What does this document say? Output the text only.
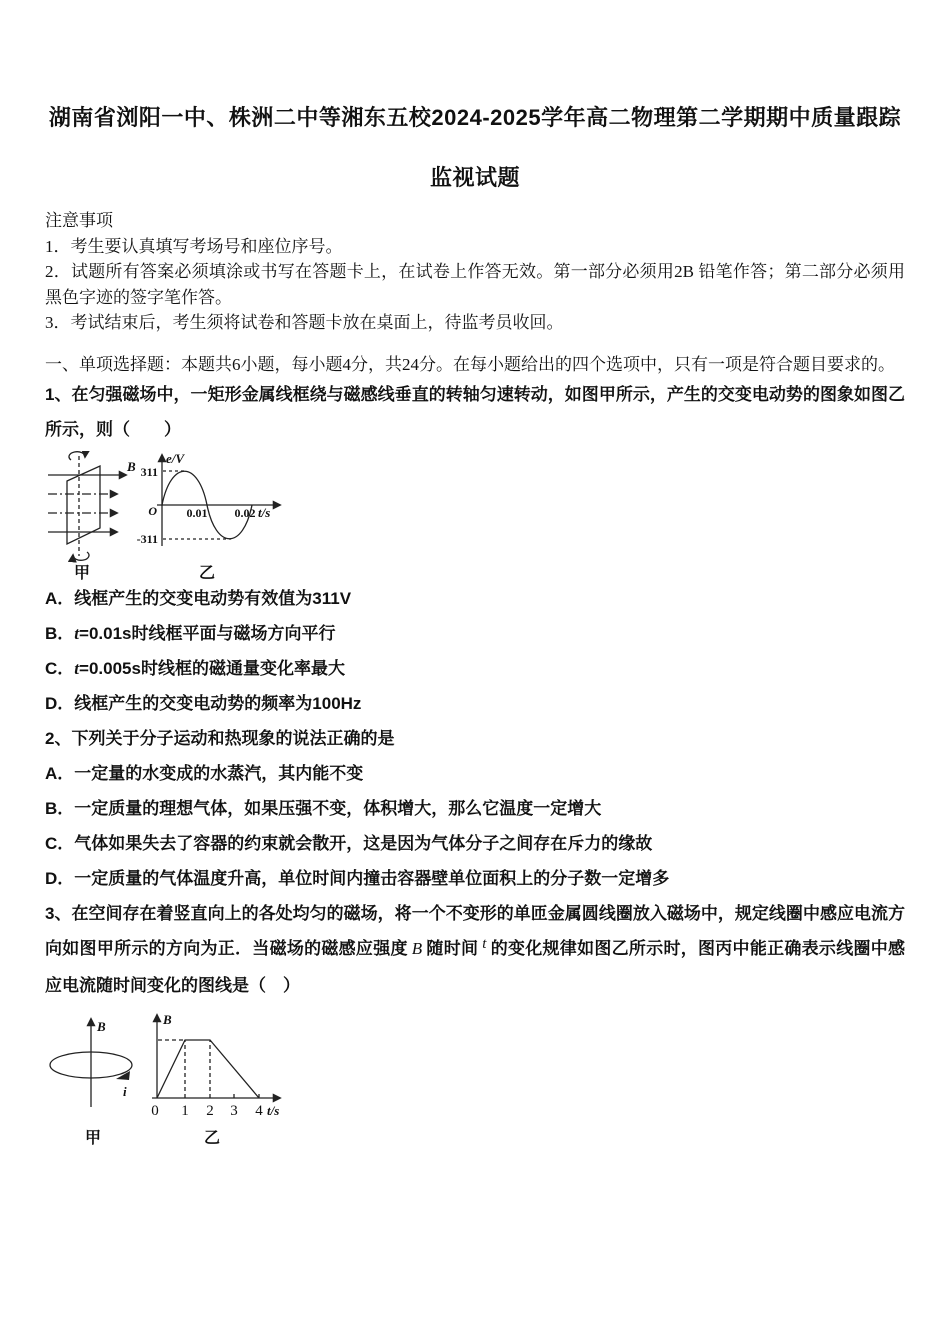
湖南省浏阳一中、株洲二中等湘东五校2024-2025学年高二物理第二学期期中质量跟踪监视试题

注意事项

1．考生要认真填写考场号和座位序号。

2．试题所有答案必须填涂或书写在答题卡上，在试卷上作答无效。第一部分必须用2B 铅笔作答；第二部分必须用黑色字迹的签字笔作答。

3．考试结束后，考生须将试卷和答题卡放在桌面上，待监考员收回。

一、单项选择题：本题共6小题，每小题4分，共24分。在每小题给出的四个选项中，只有一项是符合题目要求的。

1、在匀强磁场中，一矩形金属线框绕与磁感线垂直的转轴匀速转动，如图甲所示，产生的交变电动势的图象如图乙所示，则（　　）

B
甲
e/V
311
O
-311
0.01 0.02 t/s
乙

A．线框产生的交变电动势有效值为311V

B．t=0.01s时线框平面与磁场方向平行

C．t=0.005s时线框的磁通量变化率最大

D．线框产生的交变电动势的频率为100Hz

2、下列关于分子运动和热现象的说法正确的是

A．一定量的水变成的水蒸汽，其内能不变

B．一定质量的理想气体，如果压强不变，体积增大，那么它温度一定增大

C．气体如果失去了容器的约束就会散开，这是因为气体分子之间存在斥力的缘故

D．一定质量的气体温度升高，单位时间内撞击容器壁单位面积上的分子数一定增多

3、在空间存在着竖直向上的各处均匀的磁场，将一个不变形的单匝金属圆线圈放入磁场中，规定线圈中感应电流方向如图甲所示的方向为正．当磁场的磁感应强度 B 随时间 t 的变化规律如图乙所示时，图丙中能正确表示线圈中感应电流随时间变化的图线是（　）

B
i
甲
B
0 1 2 3 4 t/s
乙
